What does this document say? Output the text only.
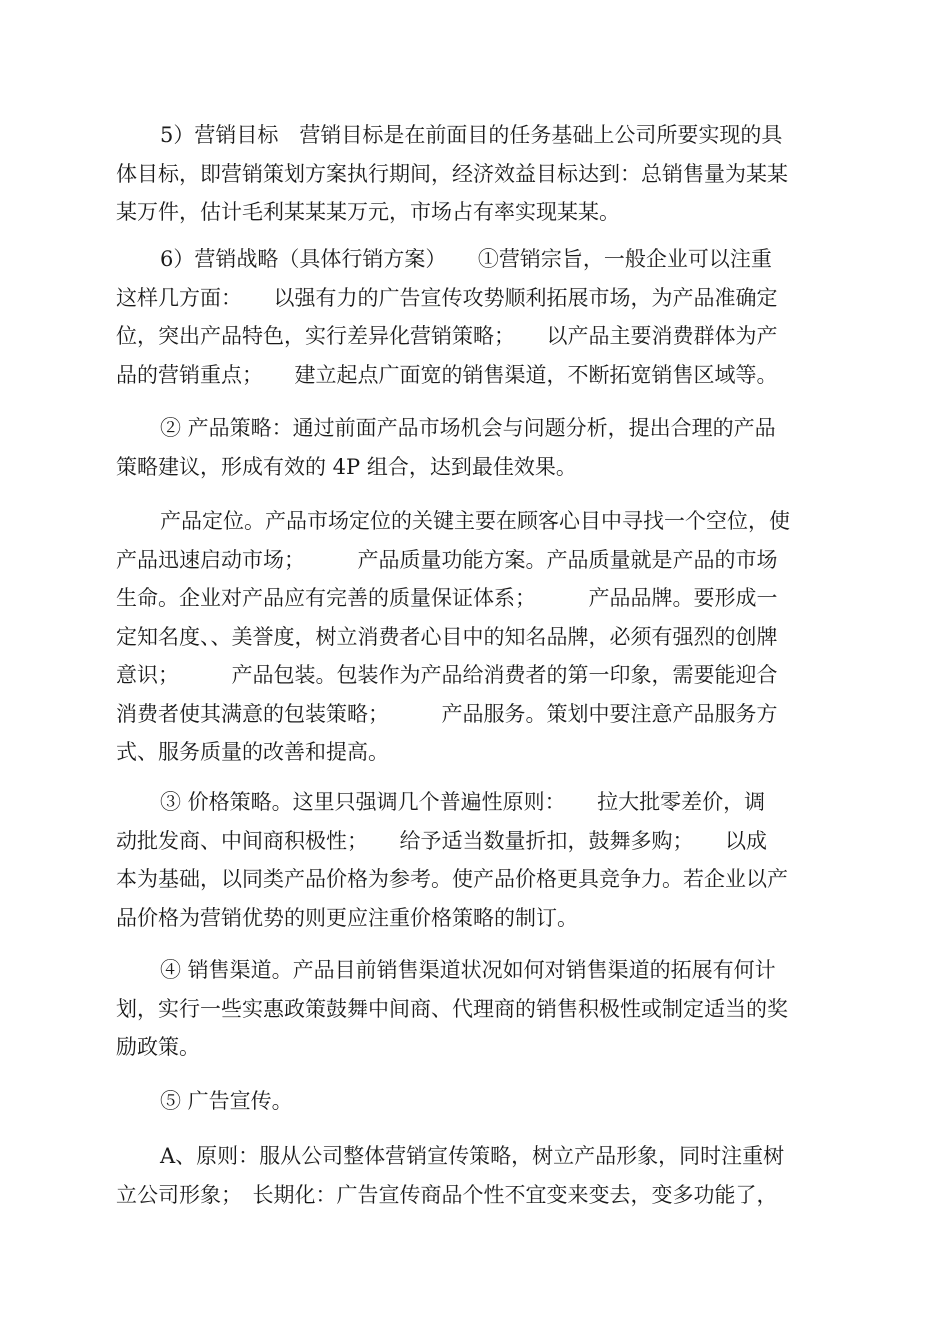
5）营销目标　营销目标是在前面目的任务基础上公司所要实现的具
体目标，即营销策划方案执行期间，经济效益目标达到：总销售量为某某
某万件，估计毛利某某某万元，市场占有率实现某某。
6）营销战略（具体行销方案）　　①营销宗旨，一般企业可以注重
这样几方面：　　以强有力的广告宣传攻势顺利拓展市场，为产品准确定
位，突出产品特色，实行差异化营销策略；　　以产品主要消费群体为产
品的营销重点；　　建立起点广面宽的销售渠道，不断拓宽销售区域等。
② 产品策略：通过前面产品市场机会与问题分析，提出合理的产品
策略建议，形成有效的 4P 组合，达到最佳效果。
产品定位。产品市场定位的关键主要在顾客心目中寻找一个空位，使
产品迅速启动市场；　　　产品质量功能方案。产品质量就是产品的市场
生命。企业对产品应有完善的质量保证体系；　　　产品品牌。要形成一
定知名度、、美誉度，树立消费者心目中的知名品牌，必须有强烈的创牌
意识；　　　产品包装。包装作为产品给消费者的第一印象，需要能迎合
消费者使其满意的包装策略；　　　产品服务。策划中要注意产品服务方
式、服务质量的改善和提高。
③ 价格策略。这里只强调几个普遍性原则：　　拉大批零差价，调
动批发商、中间商积极性；　　给予适当数量折扣，鼓舞多购；　　以成
本为基础，以同类产品价格为参考。使产品价格更具竞争力。若企业以产
品价格为营销优势的则更应注重价格策略的制订。
④ 销售渠道。产品目前销售渠道状况如何对销售渠道的拓展有何计
划，实行一些实惠政策鼓舞中间商、代理商的销售积极性或制定适当的奖
励政策。
⑤ 广告宣传。
A、原则：服从公司整体营销宣传策略，树立产品形象，同时注重树
立公司形象；　长期化：广告宣传商品个性不宜变来变去，变多功能了，
